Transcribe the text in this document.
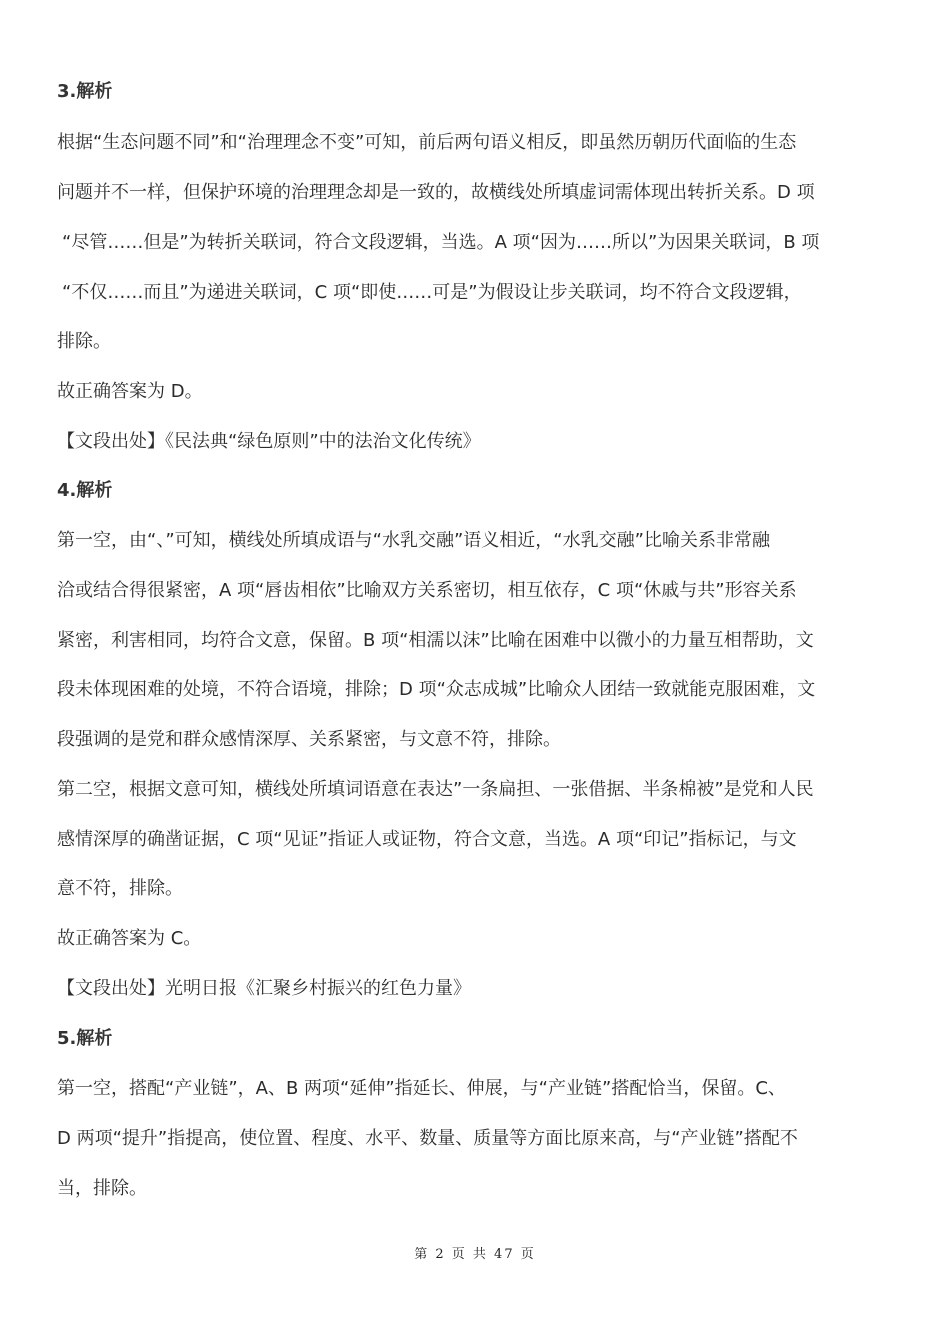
3.解析
根据“生态问题不同”和“治理理念不变”可知，前后两句语义相反，即虽然历朝历代面临的生态
问题并不一样，但保护环境的治理理念却是一致的，故横线处所填虚词需体现出转折关系。D 项
“尽管……但是”为转折关联词，符合文段逻辑，当选。A 项“因为……所以”为因果关联词，B 项
“不仅……而且”为递进关联词，C 项“即使……可是”为假设让步关联词，均不符合文段逻辑，
排除。
故正确答案为 D。
【文段出处】《民法典“绿色原则”中的法治文化传统》
4.解析
第一空，由“、”可知，横线处所填成语与“水乳交融”语义相近，“水乳交融”比喻关系非常融
洽或结合得很紧密，A 项“唇齿相依”比喻双方关系密切，相互依存，C 项“休戚与共”形容关系
紧密，利害相同，均符合文意，保留。B 项“相濡以沫”比喻在困难中以微小的力量互相帮助，文
段未体现困难的处境，不符合语境，排除；D 项“众志成城”比喻众人团结一致就能克服困难，文
段强调的是党和群众感情深厚、关系紧密，与文意不符，排除。
第二空，根据文意可知，横线处所填词语意在表达”一条扁担、一张借据、半条棉被”是党和人民
感情深厚的确凿证据，C 项“见证”指证人或证物，符合文意，当选。A 项“印记”指标记，与文
意不符，排除。
故正确答案为 C。
【文段出处】光明日报《汇聚乡村振兴的红色力量》
5.解析
第一空，搭配“产业链”，A、B 两项“延伸”指延长、伸展，与“产业链”搭配恰当，保留。C、
D 两项“提升”指提高，使位置、程度、水平、数量、质量等方面比原来高，与“产业链”搭配不
当，排除。
第 2 页 共 47 页
